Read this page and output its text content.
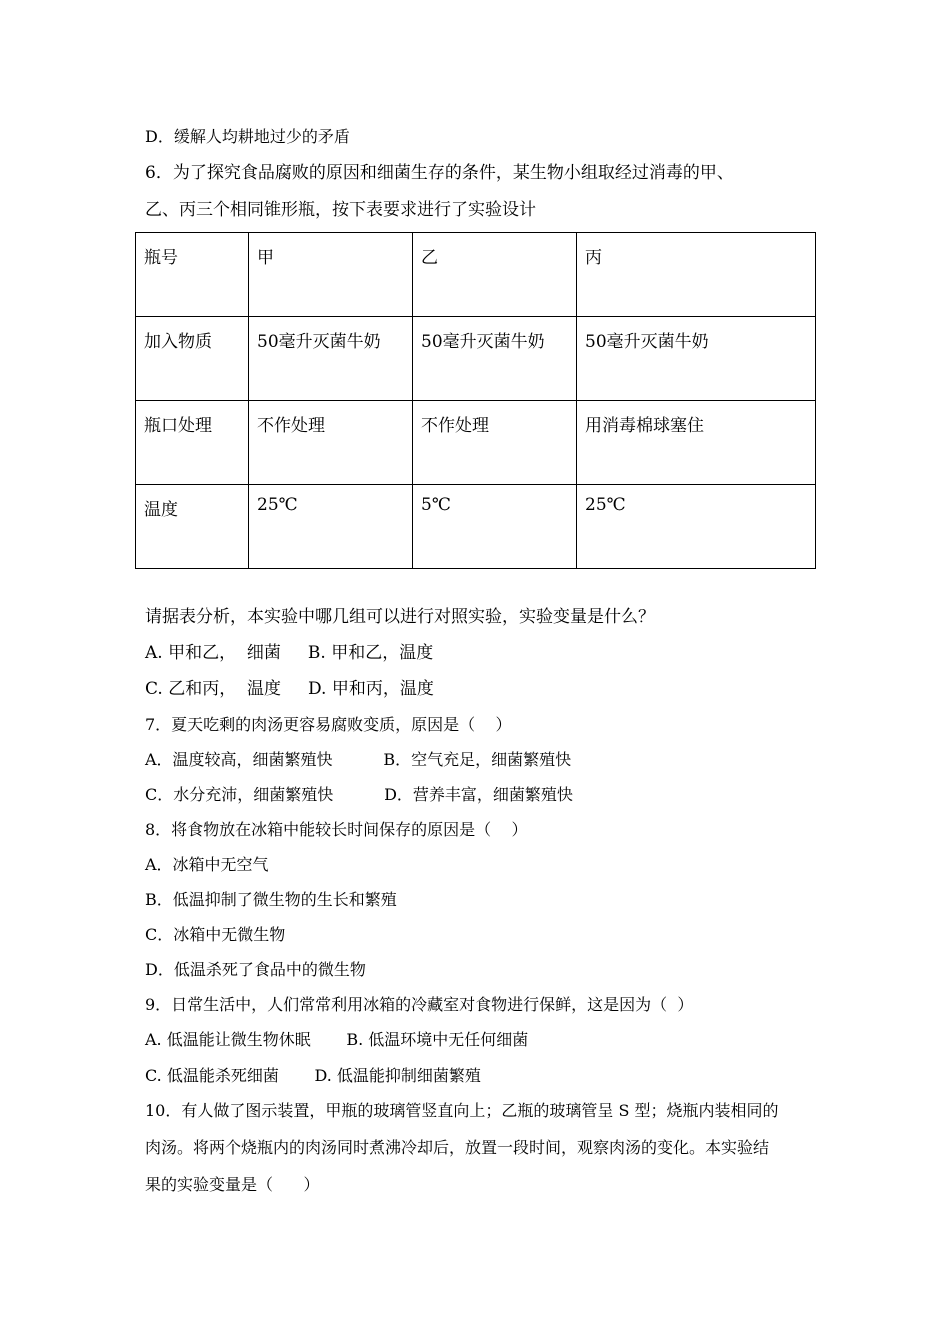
D．缓解人均耕地过少的矛盾
6．为了探究食品腐败的原因和细菌生存的条件，某生物小组取经过消毒的甲、
乙、丙三个相同锥形瓶，按下表要求进行了实验设计
瓶号	甲	乙	丙
加入物质	50毫升灭菌牛奶	50毫升灭菌牛奶	50毫升灭菌牛奶
瓶口处理	不作处理	不作处理	用消毒棉球塞住
温度	25℃	5℃	25℃
请据表分析，本实验中哪几组可以进行对照实验，实验变量是什么？
A. 甲和乙，  细菌     B. 甲和乙，温度
C. 乙和丙，  温度     D. 甲和丙，温度
7．夏天吃剩的肉汤更容易腐败变质，原因是（    ）
A．温度较高，细菌繁殖快          B．空气充足，细菌繁殖快
C．水分充沛，细菌繁殖快          D．营养丰富，细菌繁殖快
8．将食物放在冰箱中能较长时间保存的原因是（    ）
A．冰箱中无空气
B．低温抑制了微生物的生长和繁殖
C．冰箱中无微生物
D．低温杀死了食品中的微生物
9．日常生活中，人们常常利用冰箱的冷藏室对食物进行保鲜，这是因为（  ）
A. 低温能让微生物休眠       B. 低温环境中无任何细菌
C. 低温能杀死细菌       D. 低温能抑制细菌繁殖
10．有人做了图示装置，甲瓶的玻璃管竖直向上；乙瓶的玻璃管呈 S 型；烧瓶内装相同的
肉汤。将两个烧瓶内的肉汤同时煮沸冷却后，放置一段时间，观察肉汤的变化。本实验结
果的实验变量是（      ）
